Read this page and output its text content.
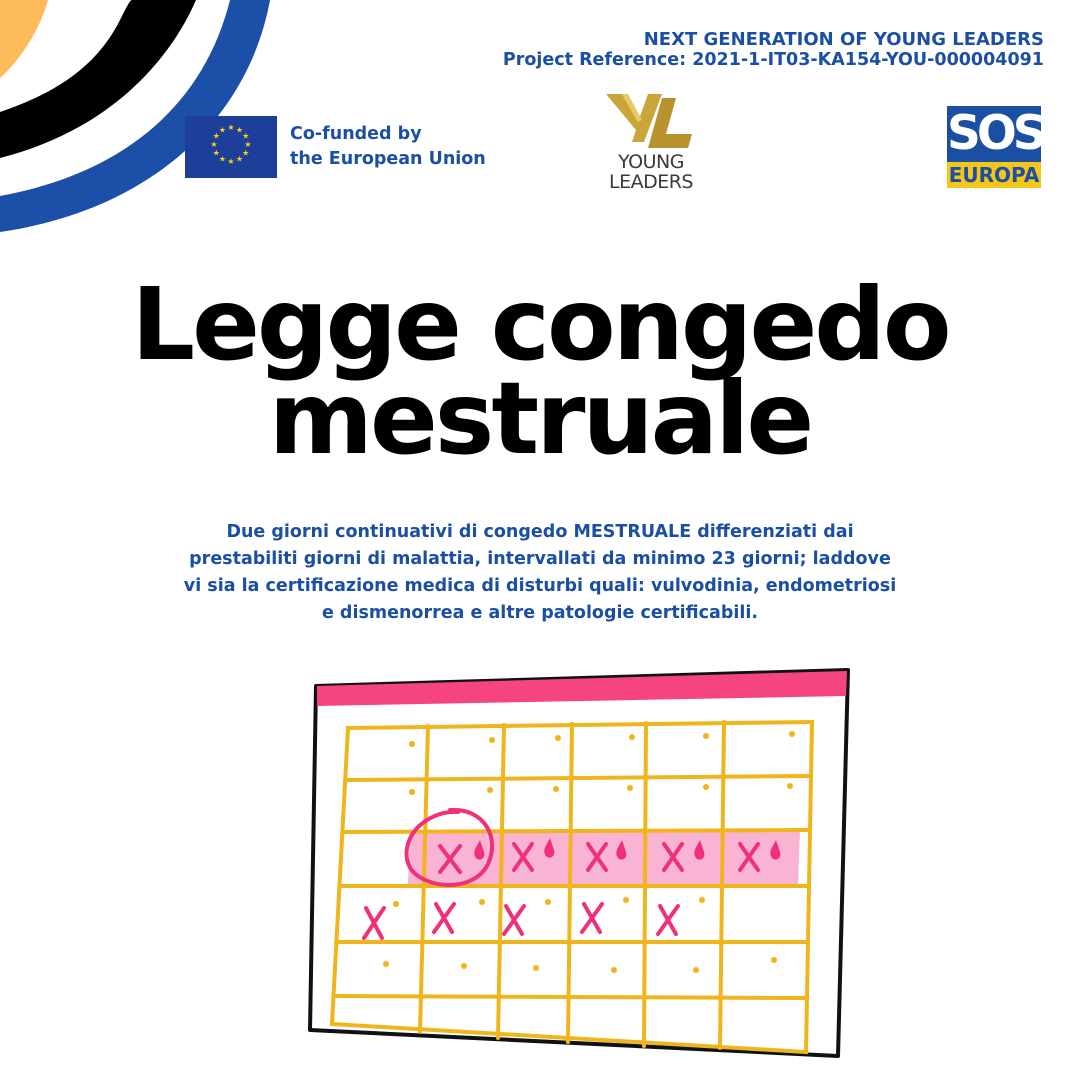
NEXT GENERATION OF YOUNG LEADERS
Project Reference: 2021-1-IT03-KA154-YOU-000004091
★ ★
★
★
★
★
★
★
★
★
★
★	Co-funded by
the European Union	YOUNG
LEADERS
SOS
EUROPA
Legge congedo
mestruale
Due giorni continuativi di congedo MESTRUALE differenziati dai prestabiliti giorni di malattia, intervallati da minimo 23 giorni; laddove vi sia la certificazione medica di disturbi quali: vulvodinia, endometriosi e dismenorrea e altre patologie certificabili.
